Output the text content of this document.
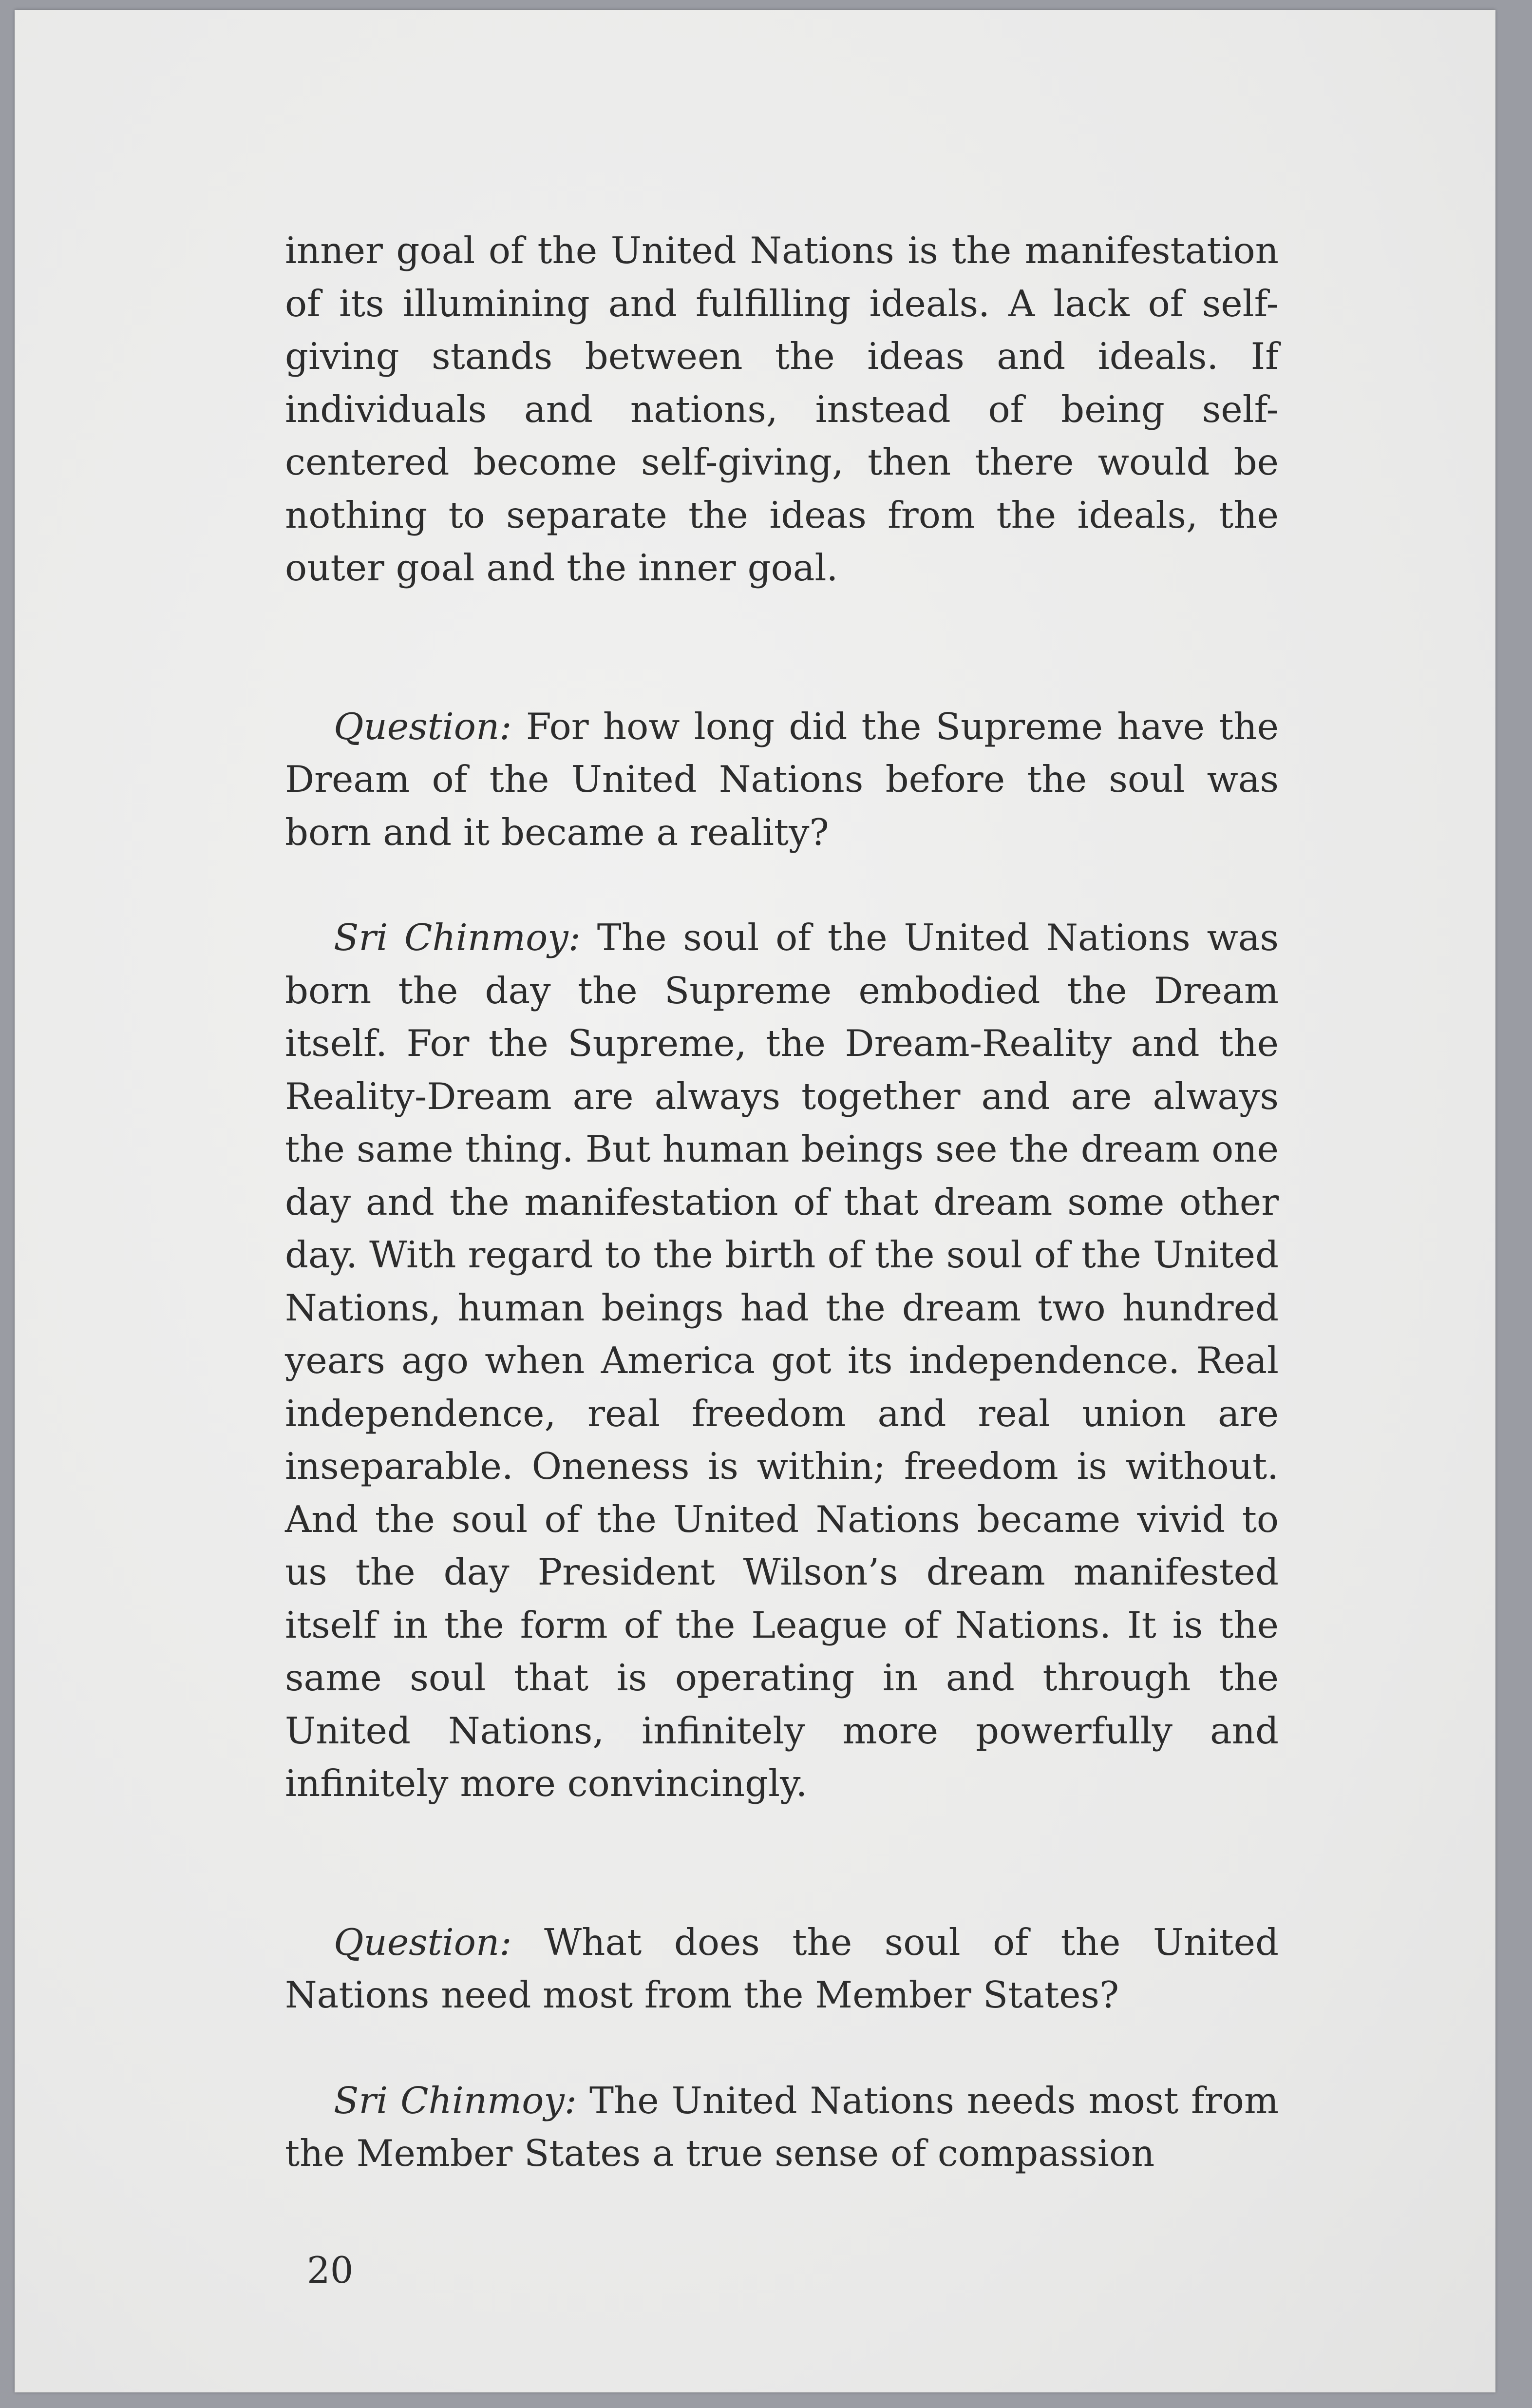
inner goal of the United Nations is the manifestation of its illumining and fulfilling ideals. A lack of self-giving stands between the ideas and ideals. If individuals and nations, instead of being self-centered become self-giving, then there would be nothing to separate the ideas from the ideals, the outer goal and the inner goal.

Question: For how long did the Supreme have the Dream of the United Nations before the soul was born and it became a reality?

Sri Chinmoy: The soul of the United Nations was born the day the Supreme embodied the Dream itself. For the Supreme, the Dream-Reality and the Reality-Dream are always together and are always the same thing. But human beings see the dream one day and the manifestation of that dream some other day. With regard to the birth of the soul of the United Nations, human beings had the dream two hundred years ago when America got its independence. Real independence, real freedom and real union are inseparable. Oneness is within; freedom is without. And the soul of the United Nations became vivid to us the day President Wilson’s dream manifested itself in the form of the League of Nations. It is the same soul that is operating in and through the United Nations, infinitely more powerfully and infinitely more convincingly.

Question: What does the soul of the United Nations need most from the Member States?

Sri Chinmoy: The United Nations needs most from the Member States a true sense of compassion

20
